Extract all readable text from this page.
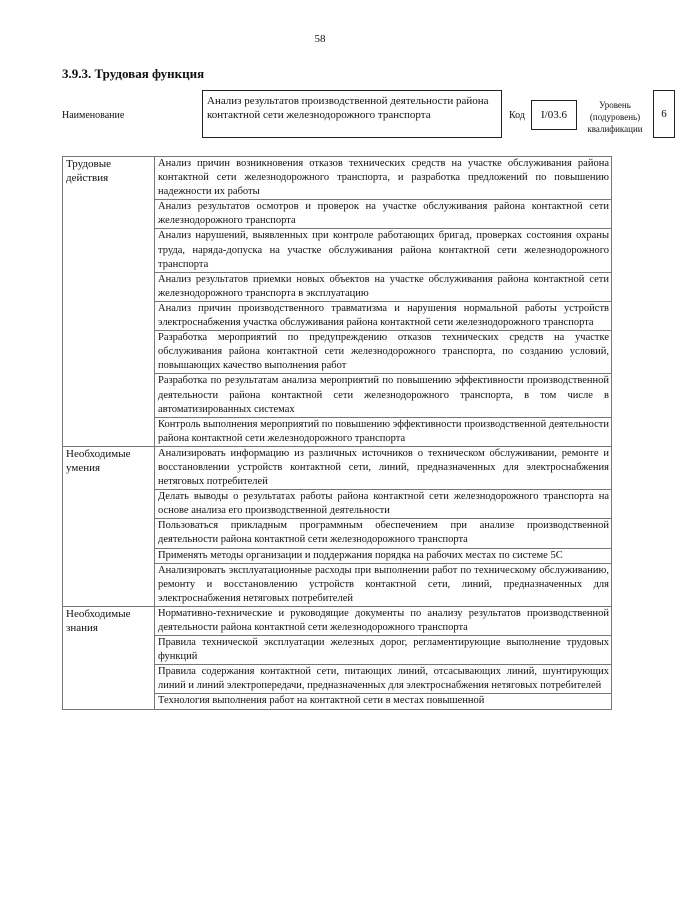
58
3.9.3. Трудовая функция
Наименование
Анализ результатов производственной деятельности района контактной сети железнодорожного транспорта	Код	I/03.6
Уровень (подуровень) квалификации
6
Трудовые действия	Анализ причин возникновения отказов технических средств на участке обслуживания района контактной сети железнодорожного транспорта, и разработка предложений по повышению надежности их работы
	Анализ результатов осмотров и проверок на участке обслуживания района контактной сети железнодорожного транспорта
	Анализ нарушений, выявленных при контроле работающих бригад, проверках состояния охраны труда, наряда-допуска на участке обслуживания района контактной сети железнодорожного транспорта
	Анализ результатов приемки новых объектов на участке обслуживания района контактной сети железнодорожного транспорта в эксплуатацию
	Анализ причин производственного травматизма и нарушения нормальной работы устройств электроснабжения участка обслуживания района контактной сети железнодорожного транспорта
	Разработка мероприятий по предупреждению отказов технических средств на участке обслуживания района контактной сети железнодорожного транспорта, по созданию условий, повышающих качество выполнения работ
	Разработка по результатам анализа мероприятий по повышению эффективности производственной деятельности района контактной сети железнодорожного транспорта, в том числе в автоматизированных системах
	Контроль выполнения мероприятий по повышению эффективности производственной деятельности района контактной сети железнодорожного транспорта
Необходимые умения	Анализировать информацию из различных источников о техническом обслуживании, ремонте и восстановлении устройств контактной сети, линий, предназначенных для электроснабжения нетяговых потребителей
	Делать выводы о результатах работы района контактной сети железнодорожного транспорта на основе анализа его производственной деятельности
	Пользоваться прикладным программным обеспечением при анализе производственной деятельности района контактной сети железнодорожного транспорта
	Применять методы организации и поддержания порядка на рабочих местах по системе 5С
	Анализировать эксплуатационные расходы при выполнении работ по техническому обслуживанию, ремонту и восстановлению устройств контактной сети, линий, предназначенных для электроснабжения нетяговых потребителей
Необходимые знания	Нормативно-технические и руководящие документы по анализу результатов производственной деятельности района контактной сети железнодорожного транспорта
	Правила технической эксплуатации железных дорог, регламентирующие выполнение трудовых функций
	Правила содержания контактной сети, питающих линий, отсасывающих линий, шунтирующих линий и линий электропередачи, предназначенных для электроснабжения нетяговых потребителей
	Технология выполнения работ на контактной сети в местах повышенной
